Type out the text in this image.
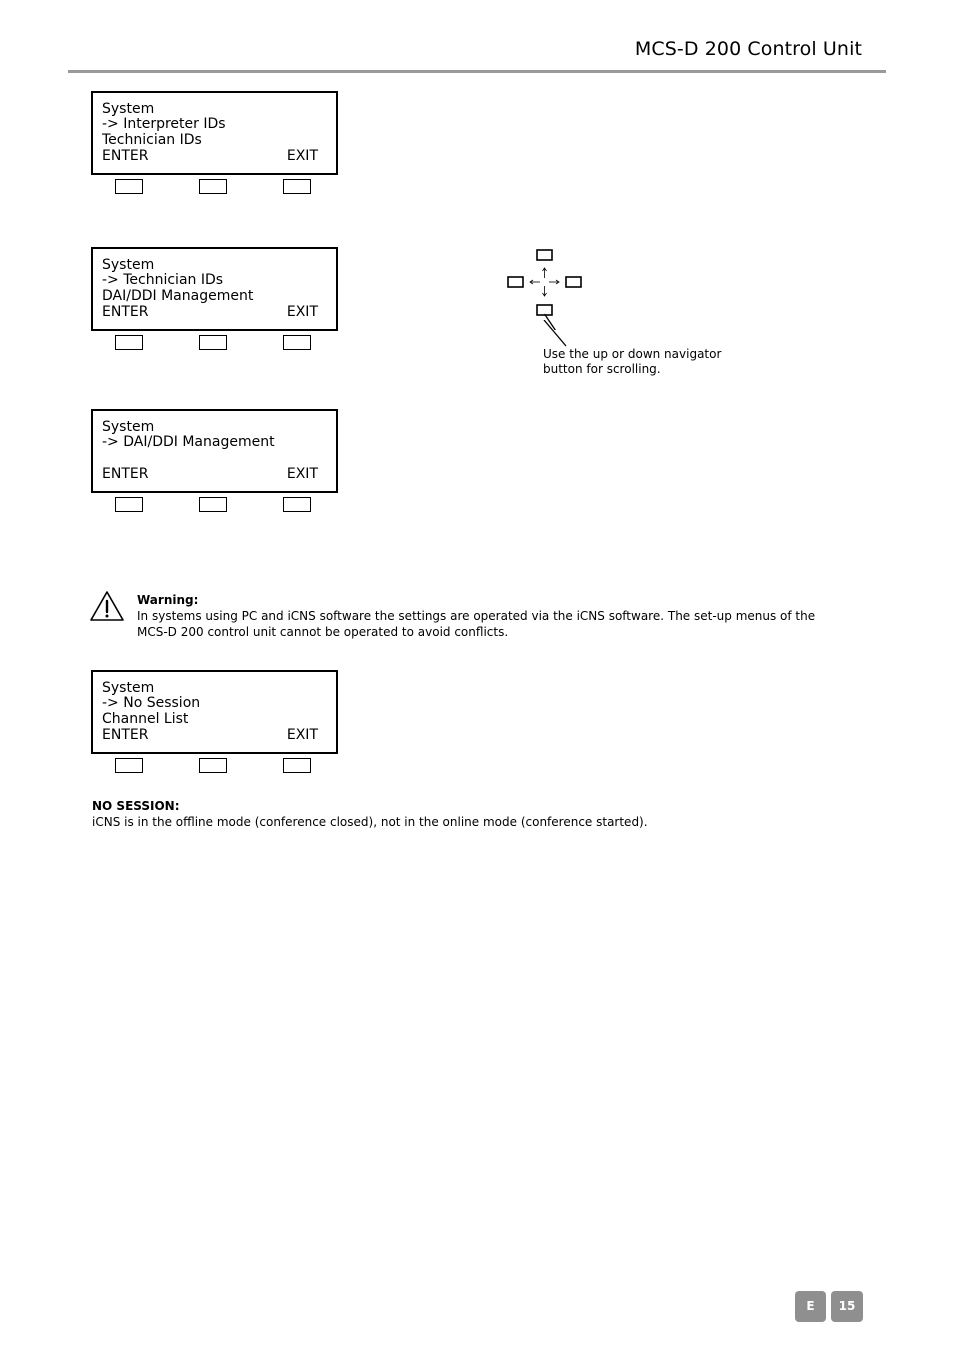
MCS-D 200 Control Unit
System
-> Interpreter IDs
Technician IDs
ENTER	EXIT
System
-> Technician IDs
DAI/DDI Management
ENTER	EXIT
Use the up or down navigator
button for scrolling.
System
-> DAI/DDI Management
ENTER	EXIT
Warning:
In systems using PC and iCNS software the settings are operated via the iCNS software. The set-up menus of the
MCS-D 200 control unit cannot be operated to avoid conflicts.
System
-> No Session
Channel List
ENTER	EXIT
NO SESSION:
iCNS is in the offline mode (conference closed), not in the online mode (conference started).
E	15
